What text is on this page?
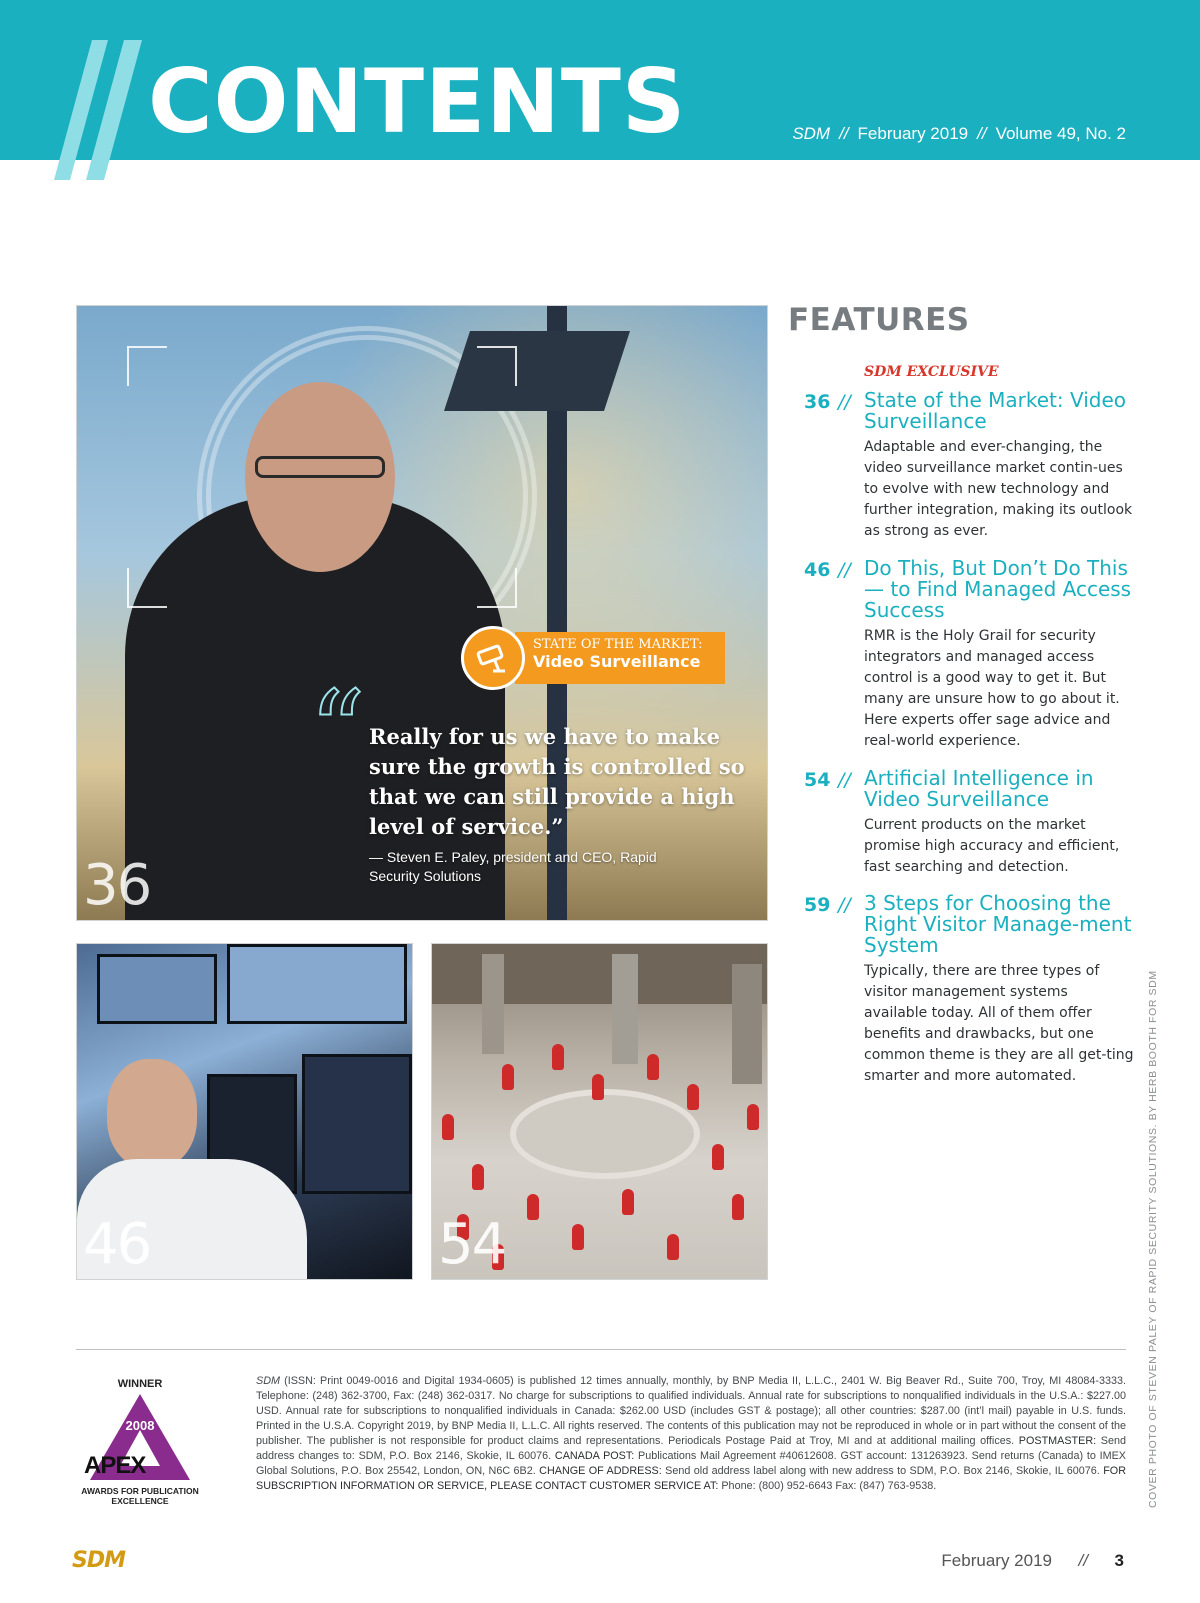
CONTENTS	SDM // February 2019 // Volume 49, No. 2
STATE OF THE MARKET:
Video Surveillance
“ Really for us we have to make sure the growth is controlled so that we can still provide a high level of service.”
— Steven E. Paley, president and CEO, Rapid Security Solutions
36
46	54
FEATURES
SDM EXCLUSIVE
36 // State of the Market: Video Surveillance
Adaptable and ever-changing, the video surveillance market contin-ues to evolve with new technology and further integration, making its outlook as strong as ever.
46 // Do This, But Don’t Do This — to Find Managed Access Success
RMR is the Holy Grail for security integrators and managed access control is a good way to get it. But many are unsure how to go about it. Here experts offer sage advice and real-world experience.
54 // Artificial Intelligence in Video Surveillance
Current products on the market promise high accuracy and efficient, fast searching and detection.
59 // 3 Steps for Choosing the Right Visitor Manage-ment System
Typically, there are three types of visitor management systems available today. All of them offer benefits and drawbacks, but one common theme is they are all get-ting smarter and more automated.	COVER PHOTO OF STEVEN PALEY OF RAPID SECURITY SOLUTIONS. BY HERB BOOTH FOR SDM
WINNER
2008
APEX
AWARDS FOR PUBLICATION EXCELLENCE
SDM (ISSN: Print 0049-0016 and Digital 1934-0605) is published 12 times annually, monthly, by BNP Media II, L.L.C., 2401 W. Big Beaver Rd., Suite 700, Troy, MI 48084-3333. Telephone: (248) 362-3700, Fax: (248) 362-0317. No charge for subscriptions to qualified individuals. Annual rate for subscriptions to nonqualified individuals in the U.S.A.: $227.00 USD. Annual rate for subscriptions to nonqualified individuals in Canada: $262.00 USD (includes GST & postage); all other countries: $287.00 (int’l mail) payable in U.S. funds. Printed in the U.S.A. Copyright 2019, by BNP Media II, L.L.C. All rights reserved. The contents of this publication may not be reproduced in whole or in part without the consent of the publisher. The publisher is not responsible for product claims and representations. Periodicals Postage Paid at Troy, MI and at additional mailing offices. POSTMASTER: Send address changes to: SDM, P.O. Box 2146, Skokie, IL 60076. CANADA POST: Publications Mail Agreement #40612608. GST account: 131263923. Send returns (Canada) to IMEX Global Solutions, P.O. Box 25542, London, ON, N6C 6B2. CHANGE OF ADDRESS: Send old address label along with new address to SDM, P.O. Box 2146, Skokie, IL 60076. FOR SUBSCRIPTION INFORMATION OR SERVICE, PLEASE CONTACT CUSTOMER SERVICE AT: Phone: (800) 952-6643 Fax: (847) 763-9538.
SDM	February 2019	// 3
